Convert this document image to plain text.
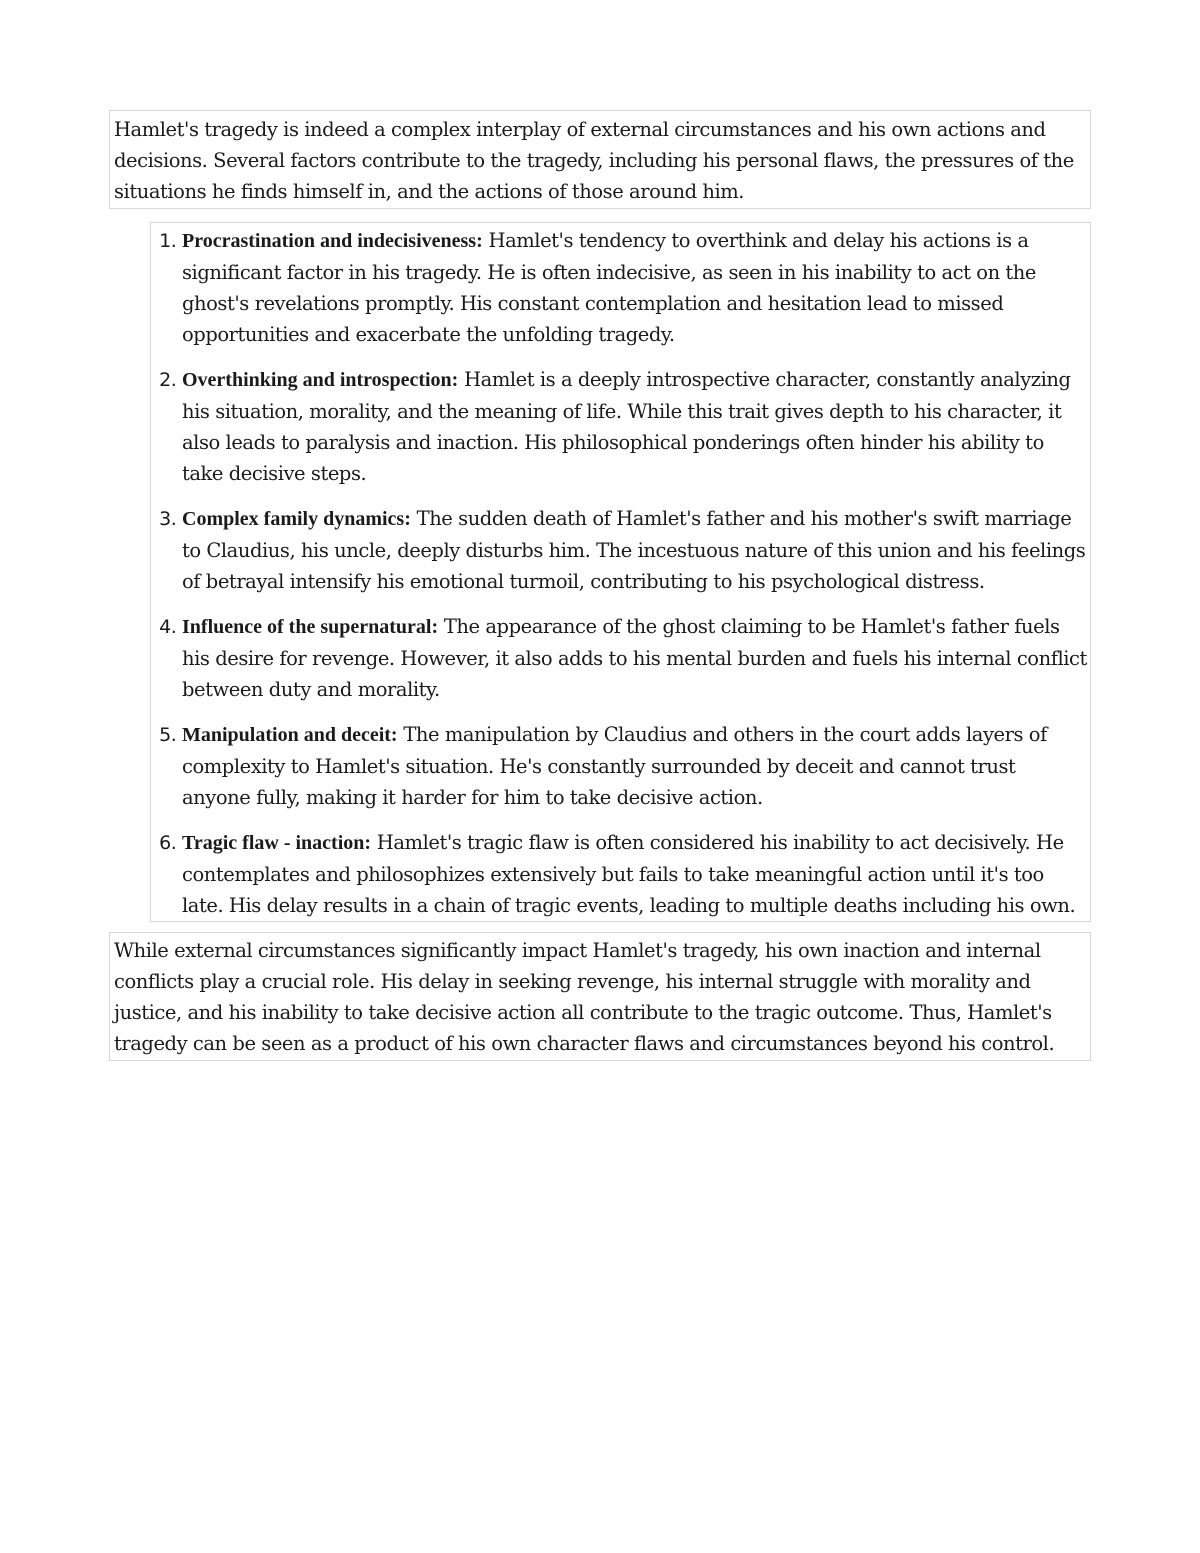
Hamlet's tragedy is indeed a complex interplay of external circumstances and his own actions and decisions. Several factors contribute to the tragedy, including his personal flaws, the pressures of the situations he finds himself in, and the actions of those around him.
1. Procrastination and indecisiveness: Hamlet's tendency to overthink and delay his actions is a significant factor in his tragedy. He is often indecisive, as seen in his inability to act on the ghost's revelations promptly. His constant contemplation and hesitation lead to missed opportunities and exacerbate the unfolding tragedy.
2. Overthinking and introspection: Hamlet is a deeply introspective character, constantly analyzing his situation, morality, and the meaning of life. While this trait gives depth to his character, it also leads to paralysis and inaction. His philosophical ponderings often hinder his ability to take decisive steps.
3. Complex family dynamics: The sudden death of Hamlet's father and his mother's swift marriage to Claudius, his uncle, deeply disturbs him. The incestuous nature of this union and his feelings of betrayal intensify his emotional turmoil, contributing to his psychological distress.
4. Influence of the supernatural: The appearance of the ghost claiming to be Hamlet's father fuels his desire for revenge. However, it also adds to his mental burden and fuels his internal conflict between duty and morality.
5. Manipulation and deceit: The manipulation by Claudius and others in the court adds layers of complexity to Hamlet's situation. He's constantly surrounded by deceit and cannot trust anyone fully, making it harder for him to take decisive action.
6. Tragic flaw - inaction: Hamlet's tragic flaw is often considered his inability to act decisively. He contemplates and philosophizes extensively but fails to take meaningful action until it's too late. His delay results in a chain of tragic events, leading to multiple deaths including his own.
While external circumstances significantly impact Hamlet's tragedy, his own inaction and internal conflicts play a crucial role. His delay in seeking revenge, his internal struggle with morality and justice, and his inability to take decisive action all contribute to the tragic outcome. Thus, Hamlet's tragedy can be seen as a product of his own character flaws and circumstances beyond his control.
